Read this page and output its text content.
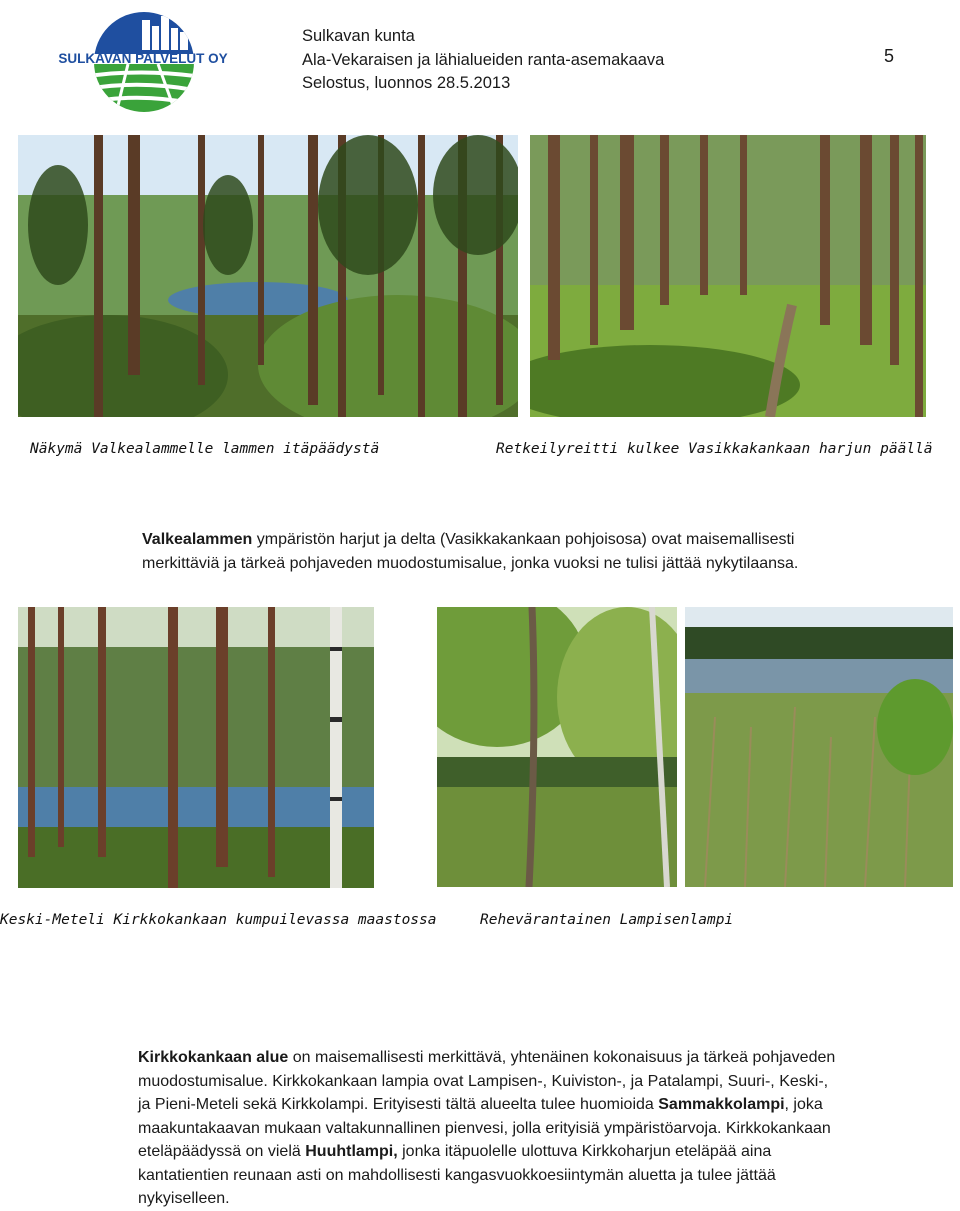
SULKAVAN PALVELUT OY
Sulkavan kunta
Ala-Vekaraisen ja lähialueiden ranta-asemakaava
Selostus, luonnos 28.5.2013
5
Näkymä Valkealammelle lammen itäpäädystä	Retkeilyreitti kulkee Vasikkakankaan harjun päällä
Valkealammen ympäristön harjut ja delta (Vasikkakankaan pohjoisosa) ovat maisemallisesti
merkittäviä ja tärkeä pohjaveden muodostumisalue, jonka vuoksi ne tulisi jättää nykytilaansa.
Keski-Meteli Kirkkokankaan kumpuilevassa maastossa	Rehevärantainen Lampisenlampi
Kirkkokankaan alue on maisemallisesti merkittävä, yhtenäinen kokonaisuus ja tärkeä pohjaveden
muodostumisalue. Kirkkokankaan lampia ovat Lampisen-, Kuiviston-, ja Patalampi, Suuri-, Keski-,
ja Pieni-Meteli sekä Kirkkolampi. Erityisesti tältä alueelta tulee huomioida Sammakkolampi, joka
maakuntakaavan mukaan valtakunnallinen pienvesi, jolla erityisiä ympäristöarvoja. Kirkkokankaan
eteläpäädyssä on vielä Huuhtlampi, jonka itäpuolelle ulottuva Kirkkoharjun eteläpää aina
kantatientien reunaan asti on mahdollisesti kangasvuokkoesiintymän aluetta ja tulee jättää
nykyiselleen.
